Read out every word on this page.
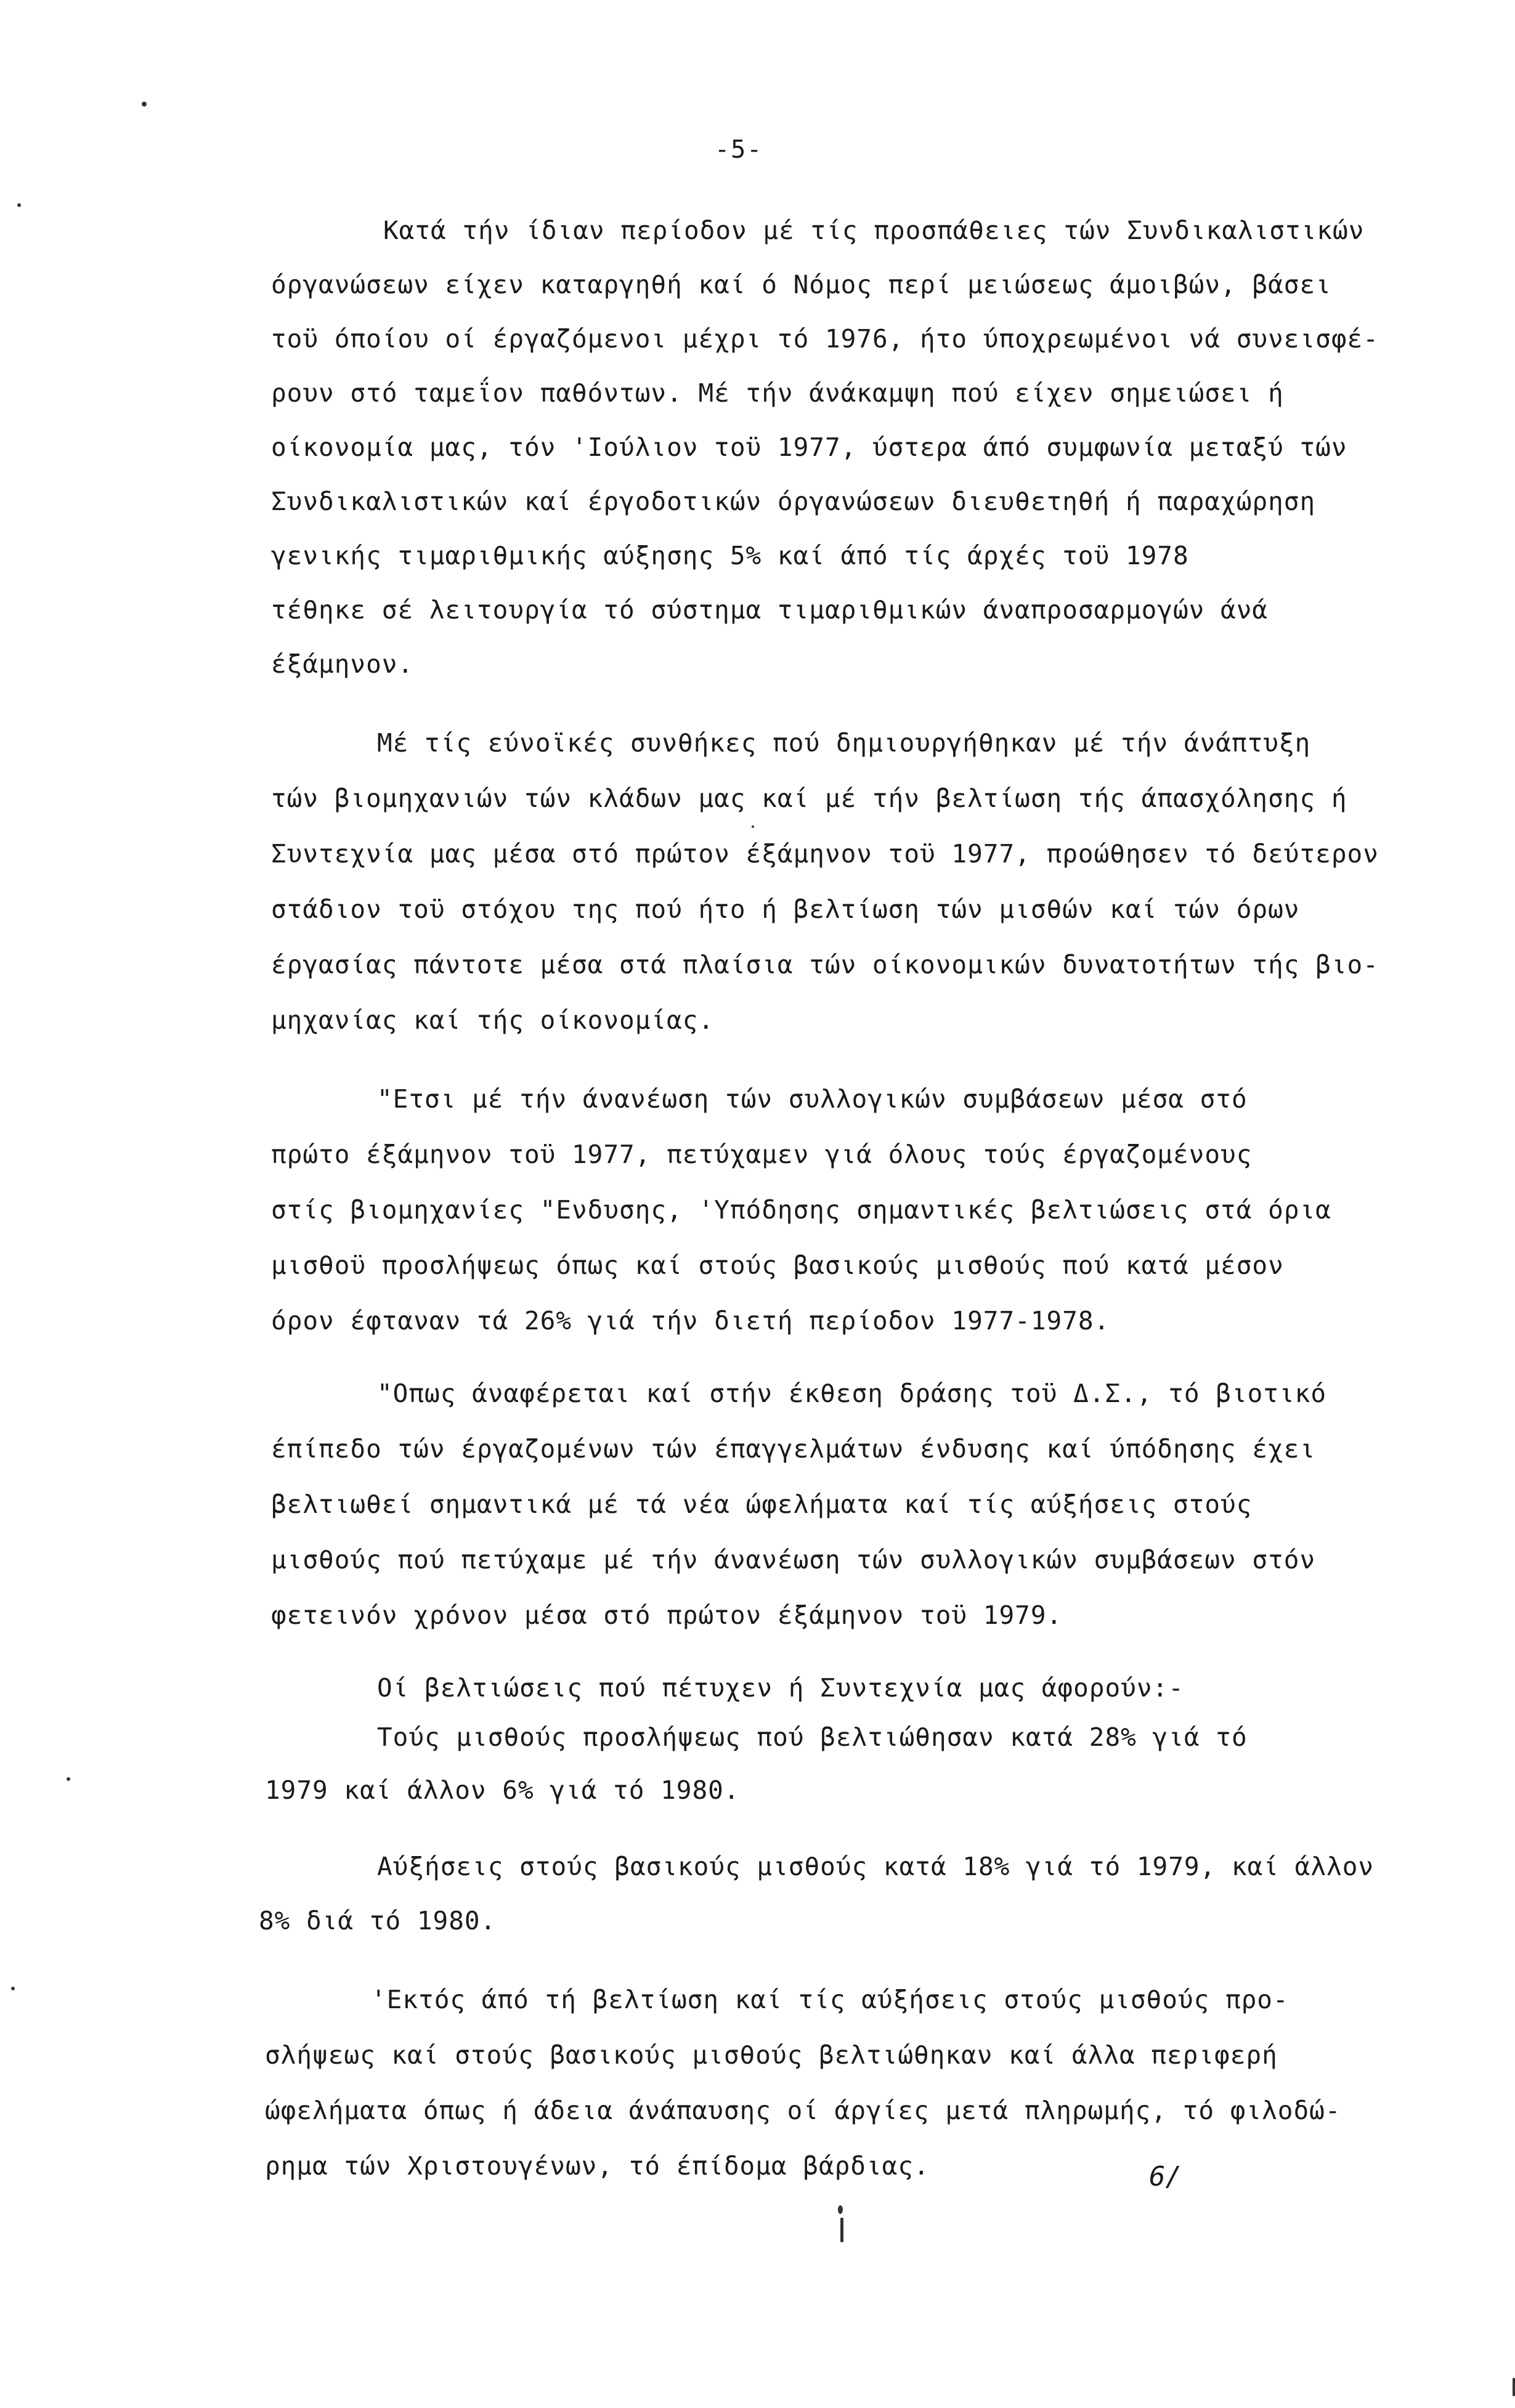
-5-
Κατά τήν ίδιαν περίοδον μέ τίς προσπάθειες τών Συνδικαλιστικών
όργανώσεων είχεν καταργηθή καί ό Νόμος περί μειώσεως άμοιβών, βάσει
τοϋ όποίου οί έργαζόμενοι μέχρι τό 1976, ήτο ύποχρεωμένοι νά συνεισφέ-
ρουν στό ταμεΐον παθόντων. Μέ τήν άνάκαμψη πού είχεν σημειώσει ή
οίκονομία μας, τόν 'Ιούλιον τοϋ 1977, ύστερα άπό συμφωνία μεταξύ τών
Συνδικαλιστικών καί έργοδοτικών όργανώσεων διευθετηθή ή παραχώρηση
γενικής τιμαριθμικής αύξησης 5% καί άπό τίς άρχές τοϋ 1978
τέθηκε σέ λειτουργία τό σύστημα τιμαριθμικών άναπροσαρμογών άνά
έξάμηνον.
Μέ τίς εύνοϊκές συνθήκες πού δημιουργήθηκαν μέ τήν άνάπτυξη
τών βιομηχανιών τών κλάδων μας καί μέ τήν βελτίωση τής άπασχόλησης ή
Συντεχνία μας μέσα στό πρώτον έξάμηνον τοϋ 1977, προώθησεν τό δεύτερον
στάδιον τοϋ στόχου της πού ήτο ή βελτίωση τών μισθών καί τών όρων
έργασίας πάντοτε μέσα στά πλαίσια τών οίκονομικών δυνατοτήτων τής βιο-
μηχανίας καί τής οίκονομίας.
"Ετσι μέ τήν άνανέωση τών συλλογικών συμβάσεων μέσα στό
πρώτο έξάμηνον τοϋ 1977, πετύχαμεν γιά όλους τούς έργαζομένους
στίς βιομηχανίες "Ενδυσης, 'Υπόδησης σημαντικές βελτιώσεις στά όρια
μισθοϋ προσλήψεως όπως καί στούς βασικούς μισθούς πού κατά μέσον
όρον έφταναν τά 26% γιά τήν διετή περίοδον 1977-1978.
"Οπως άναφέρεται καί στήν έκθεση δράσης τοϋ Δ.Σ., τό βιοτικό
έπίπεδο τών έργαζομένων τών έπαγγελμάτων ένδυσης καί ύπόδησης έχει
βελτιωθεί σημαντικά μέ τά νέα ώφελήματα καί τίς αύξήσεις στούς
μισθούς πού πετύχαμε μέ τήν άνανέωση τών συλλογικών συμβάσεων στόν
φετεινόν χρόνον μέσα στό πρώτον έξάμηνον τοϋ 1979.
Οί βελτιώσεις πού πέτυχεν ή Συντεχνία μας άφορούν:-
Τούς μισθούς προσλήψεως πού βελτιώθησαν κατά 28% γιά τό
1979 καί άλλον 6% γιά τό 1980.
Αύξήσεις στούς βασικούς μισθούς κατά 18% γιά τό 1979, καί άλλον
8% διά τό 1980.
'Εκτός άπό τή βελτίωση καί τίς αύξήσεις στούς μισθούς προ-
σλήψεως καί στούς βασικούς μισθούς βελτιώθηκαν καί άλλα περιφερή
ώφελήματα όπως ή άδεια άνάπαυσης οί άργίες μετά πληρωμής, τό φιλοδώ-
ρημα τών Χριστουγένων, τό έπίδομα βάρδιας.	6/
